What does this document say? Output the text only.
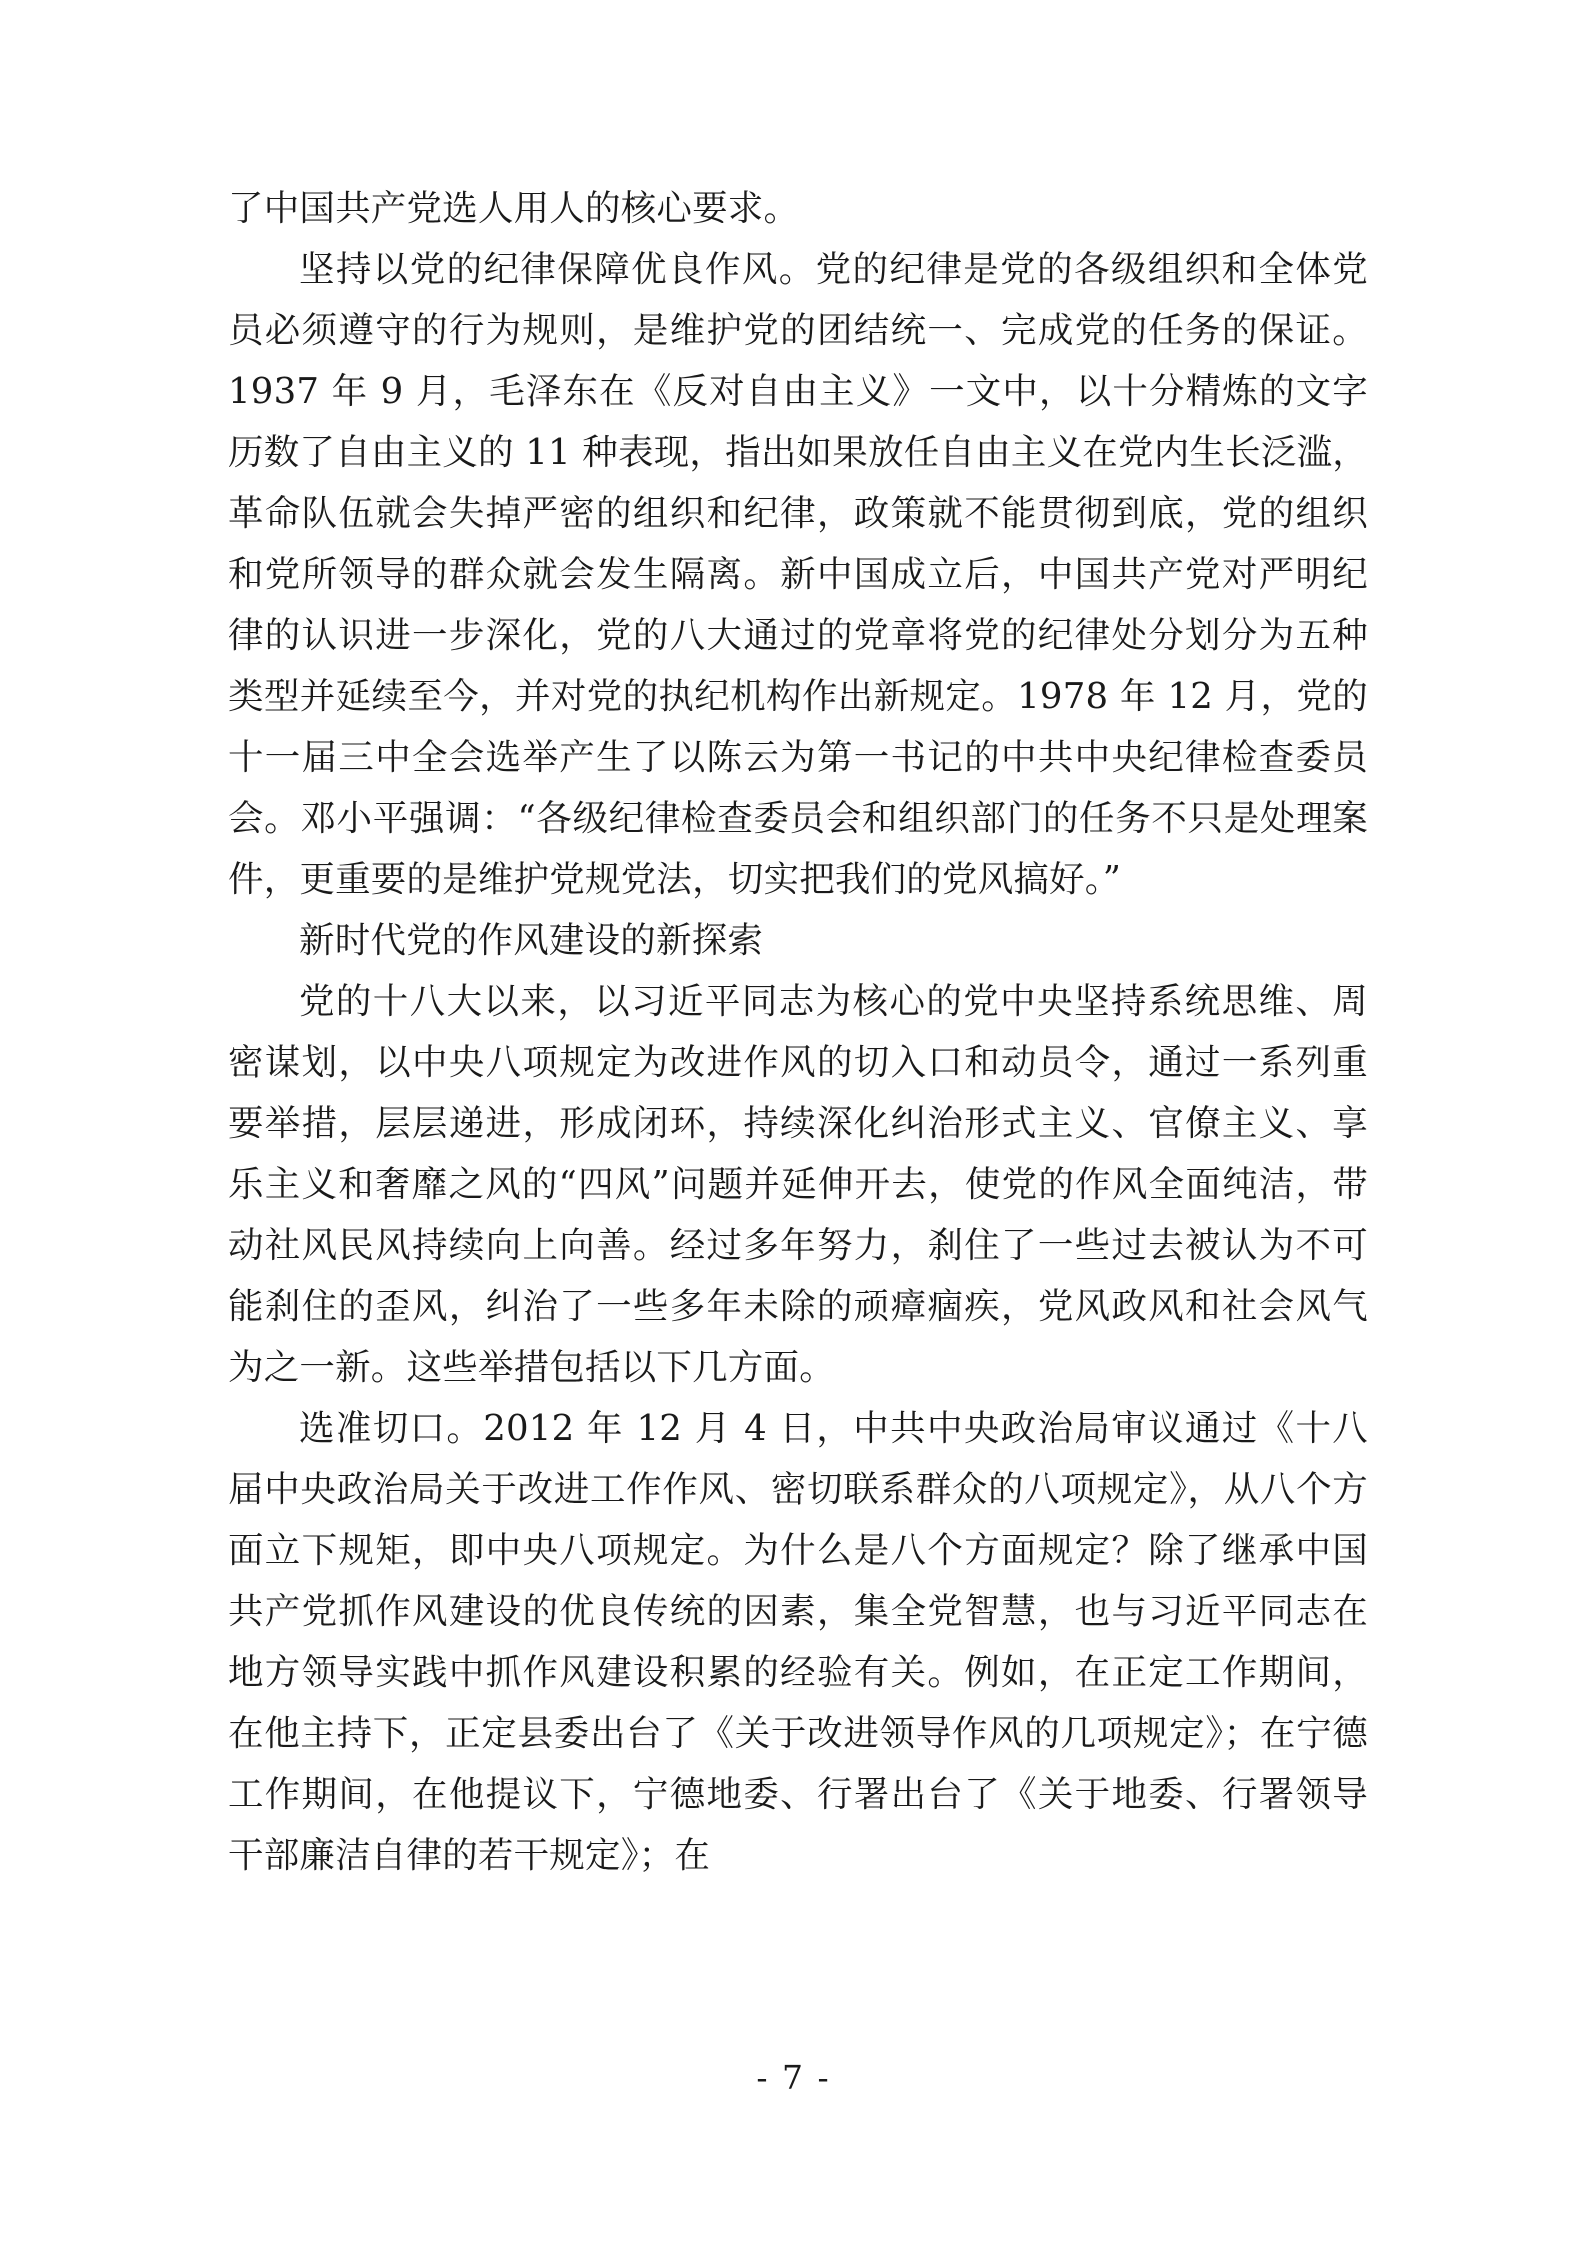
了中国共产党选人用人的核心要求。

坚持以党的纪律保障优良作风。党的纪律是党的各级组织和全体党员必须遵守的行为规则，是维护党的团结统一、完成党的任务的保证。1937 年 9 月，毛泽东在《反对自由主义》一文中，以十分精炼的文字历数了自由主义的 11 种表现，指出如果放任自由主义在党内生长泛滥，革命队伍就会失掉严密的组织和纪律，政策就不能贯彻到底，党的组织和党所领导的群众就会发生隔离。新中国成立后，中国共产党对严明纪律的认识进一步深化，党的八大通过的党章将党的纪律处分划分为五种类型并延续至今，并对党的执纪机构作出新规定。1978 年 12 月，党的十一届三中全会选举产生了以陈云为第一书记的中共中央纪律检查委员会。邓小平强调：“各级纪律检查委员会和组织部门的任务不只是处理案件，更重要的是维护党规党法，切实把我们的党风搞好。”

新时代党的作风建设的新探索

党的十八大以来，以习近平同志为核心的党中央坚持系统思维、周密谋划，以中央八项规定为改进作风的切入口和动员令，通过一系列重要举措，层层递进，形成闭环，持续深化纠治形式主义、官僚主义、享乐主义和奢靡之风的“四风”问题并延伸开去，使党的作风全面纯洁，带动社风民风持续向上向善。经过多年努力，刹住了一些过去被认为不可能刹住的歪风，纠治了一些多年未除的顽瘴痼疾，党风政风和社会风气为之一新。这些举措包括以下几方面。

选准切口。2012 年 12 月 4 日，中共中央政治局审议通过《十八届中央政治局关于改进工作作风、密切联系群众的八项规定》，从八个方面立下规矩，即中央八项规定。为什么是八个方面规定？除了继承中国共产党抓作风建设的优良传统的因素，集全党智慧，也与习近平同志在地方领导实践中抓作风建设积累的经验有关。例如，在正定工作期间，在他主持下，正定县委出台了《关于改进领导作风的几项规定》；在宁德工作期间，在他提议下，宁德地委、行署出台了《关于地委、行署领导干部廉洁自律的若干规定》；在

- 7 -
